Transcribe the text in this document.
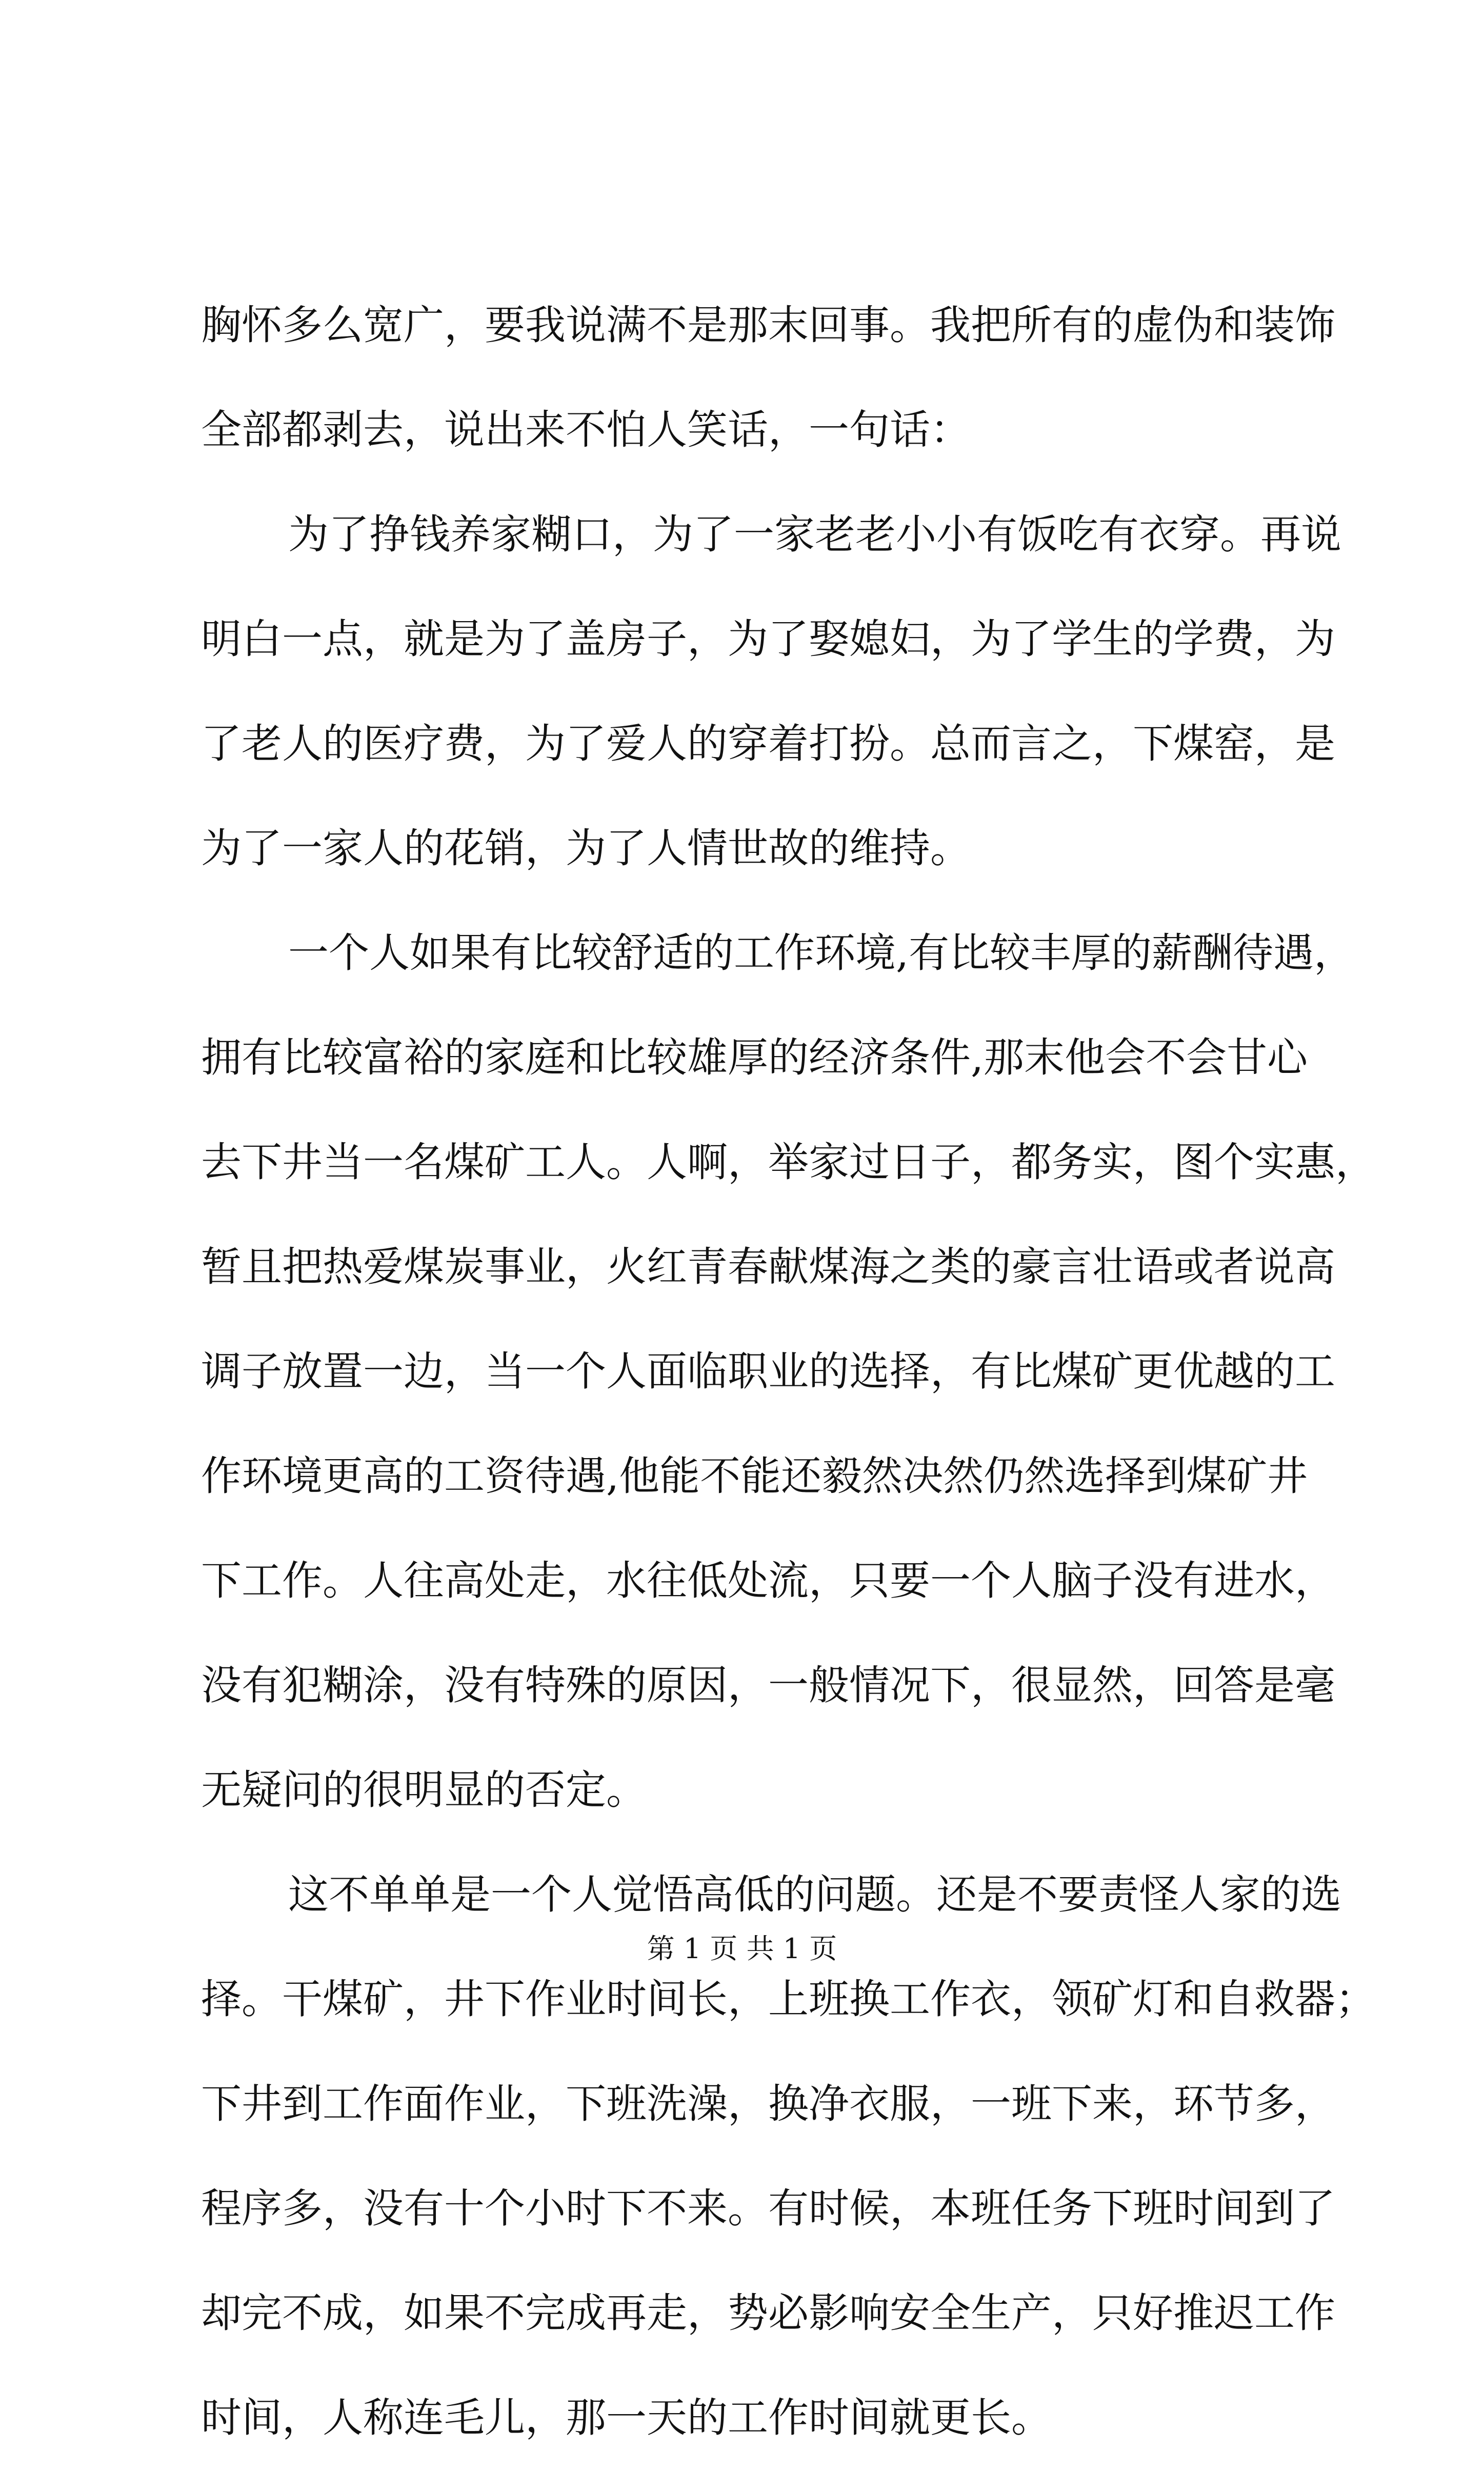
胸怀多么宽广，要我说满不是那末回事。我把所有的虚伪和装饰
全部都剥去，说出来不怕人笑话，一句话：
为了挣钱养家糊口，为了一家老老小小有饭吃有衣穿。再说
明白一点，就是为了盖房子，为了娶媳妇，为了学生的学费，为
了老人的医疗费，为了爱人的穿着打扮。总而言之，下煤窑，是
为了一家人的花销，为了人情世故的维持。
一个人如果有比较舒适的工作环境,有比较丰厚的薪酬待遇，
拥有比较富裕的家庭和比较雄厚的经济条件,那末他会不会甘心
去下井当一名煤矿工人。人啊，举家过日子，都务实，图个实惠，
暂且把热爱煤炭事业，火红青春献煤海之类的豪言壮语或者说高
调子放置一边，当一个人面临职业的选择，有比煤矿更优越的工
作环境更高的工资待遇,他能不能还毅然决然仍然选择到煤矿井
下工作。人往高处走，水往低处流，只要一个人脑子没有进水，
没有犯糊涂，没有特殊的原因，一般情况下，很显然，回答是毫
无疑问的很明显的否定。
这不单单是一个人觉悟高低的问题。还是不要责怪人家的选
择。干煤矿，井下作业时间长，上班换工作衣，领矿灯和自救器；
下井到工作面作业，下班洗澡，换净衣服，一班下来，环节多，
程序多，没有十个小时下不来。有时候，本班任务下班时间到了
却完不成，如果不完成再走，势必影响安全生产，只好推迟工作
时间，人称连毛儿，那一天的工作时间就更长。
第 1 页 共 1 页
